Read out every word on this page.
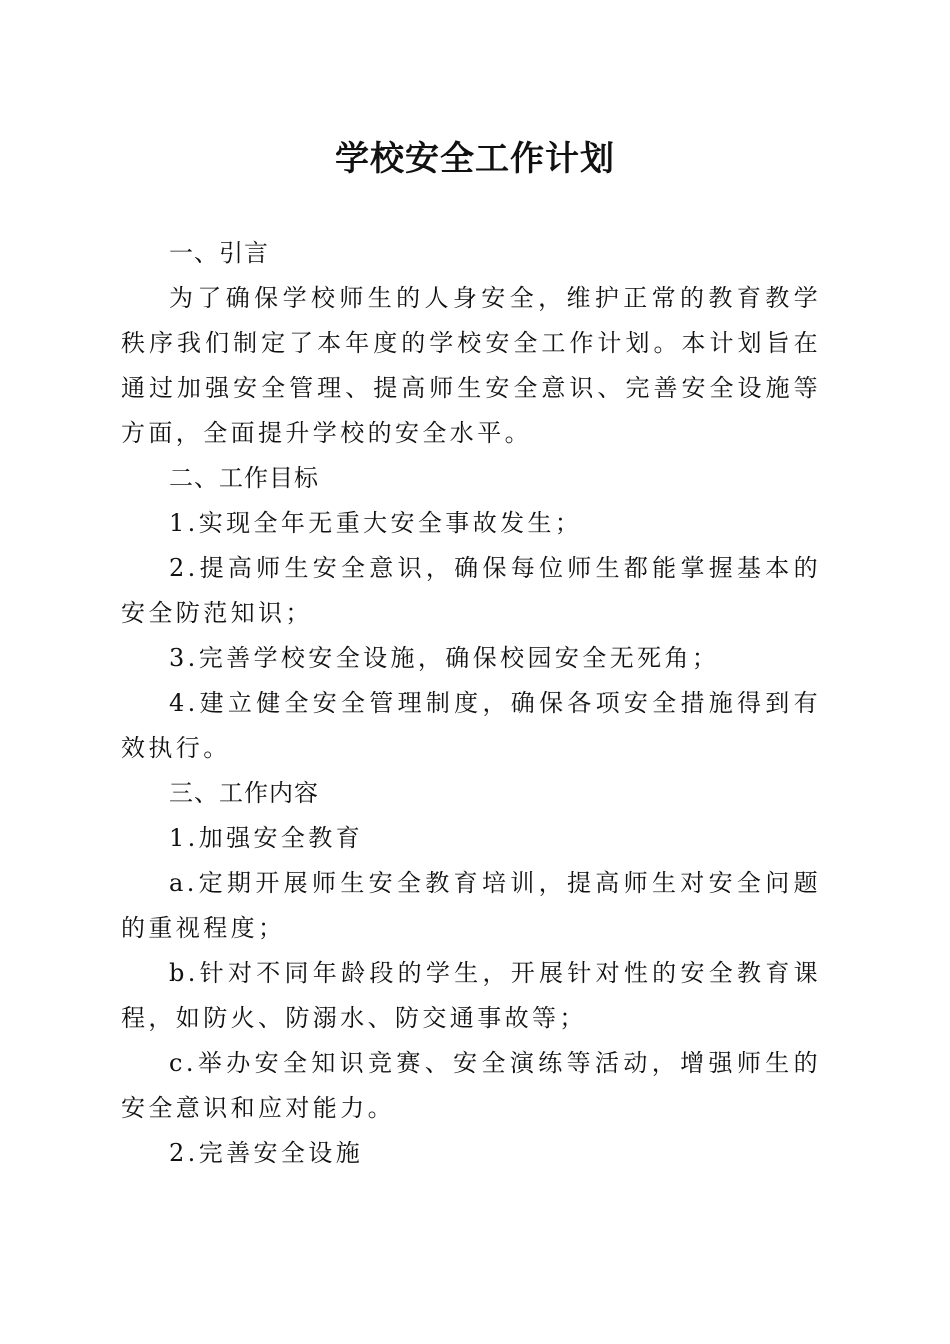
学校安全工作计划

一、引言

为了确保学校师生的人身安全，维护正常的教育教学秩序我们制定了本年度的学校安全工作计划。本计划旨在通过加强安全管理、提高师生安全意识、完善安全设施等方面，全面提升学校的安全水平。

二、工作目标

1.实现全年无重大安全事故发生；

2.提高师生安全意识，确保每位师生都能掌握基本的安全防范知识；

3.完善学校安全设施，确保校园安全无死角；

4.建立健全安全管理制度，确保各项安全措施得到有效执行。

三、工作内容

1.加强安全教育

a.定期开展师生安全教育培训，提高师生对安全问题的重视程度；

b.针对不同年龄段的学生，开展针对性的安全教育课程，如防火、防溺水、防交通事故等；

c.举办安全知识竞赛、安全演练等活动，增强师生的安全意识和应对能力。

2.完善安全设施
